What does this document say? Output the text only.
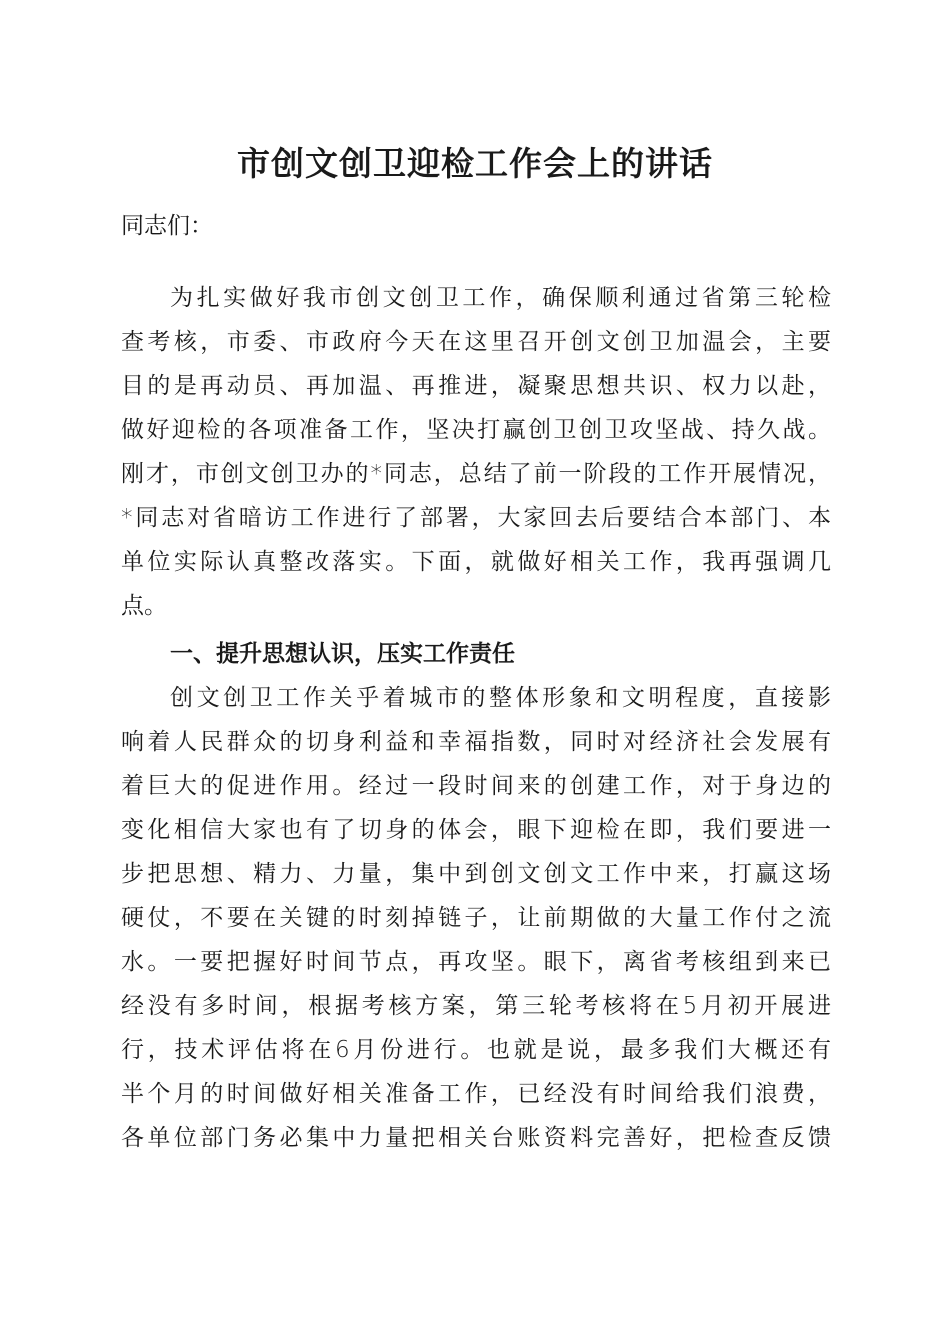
市创文创卫迎检工作会上的讲话
同志们：
为扎实做好我市创文创卫工作，确保顺利通过省第三轮检
查考核，市委、市政府今天在这里召开创文创卫加温会，主要
目的是再动员、再加温、再推进，凝聚思想共识、权力以赴，
做好迎检的各项准备工作，坚决打赢创卫创卫攻坚战、持久战。
刚才，市创文创卫办的*同志，总结了前一阶段的工作开展情况，
*同志对省暗访工作进行了部署，大家回去后要结合本部门、本
单位实际认真整改落实。下面，就做好相关工作，我再强调几
点。
一、提升思想认识，压实工作责任
创文创卫工作关乎着城市的整体形象和文明程度，直接影
响着人民群众的切身利益和幸福指数，同时对经济社会发展有
着巨大的促进作用。经过一段时间来的创建工作，对于身边的
变化相信大家也有了切身的体会，眼下迎检在即，我们要进一
步把思想、精力、力量，集中到创文创文工作中来，打赢这场
硬仗，不要在关键的时刻掉链子，让前期做的大量工作付之流
水。一要把握好时间节点，再攻坚。眼下，离省考核组到来已
经没有多时间，根据考核方案，第三轮考核将在5月初开展进
行，技术评估将在6月份进行。也就是说，最多我们大概还有
半个月的时间做好相关准备工作，已经没有时间给我们浪费，
各单位部门务必集中力量把相关台账资料完善好，把检查反馈
